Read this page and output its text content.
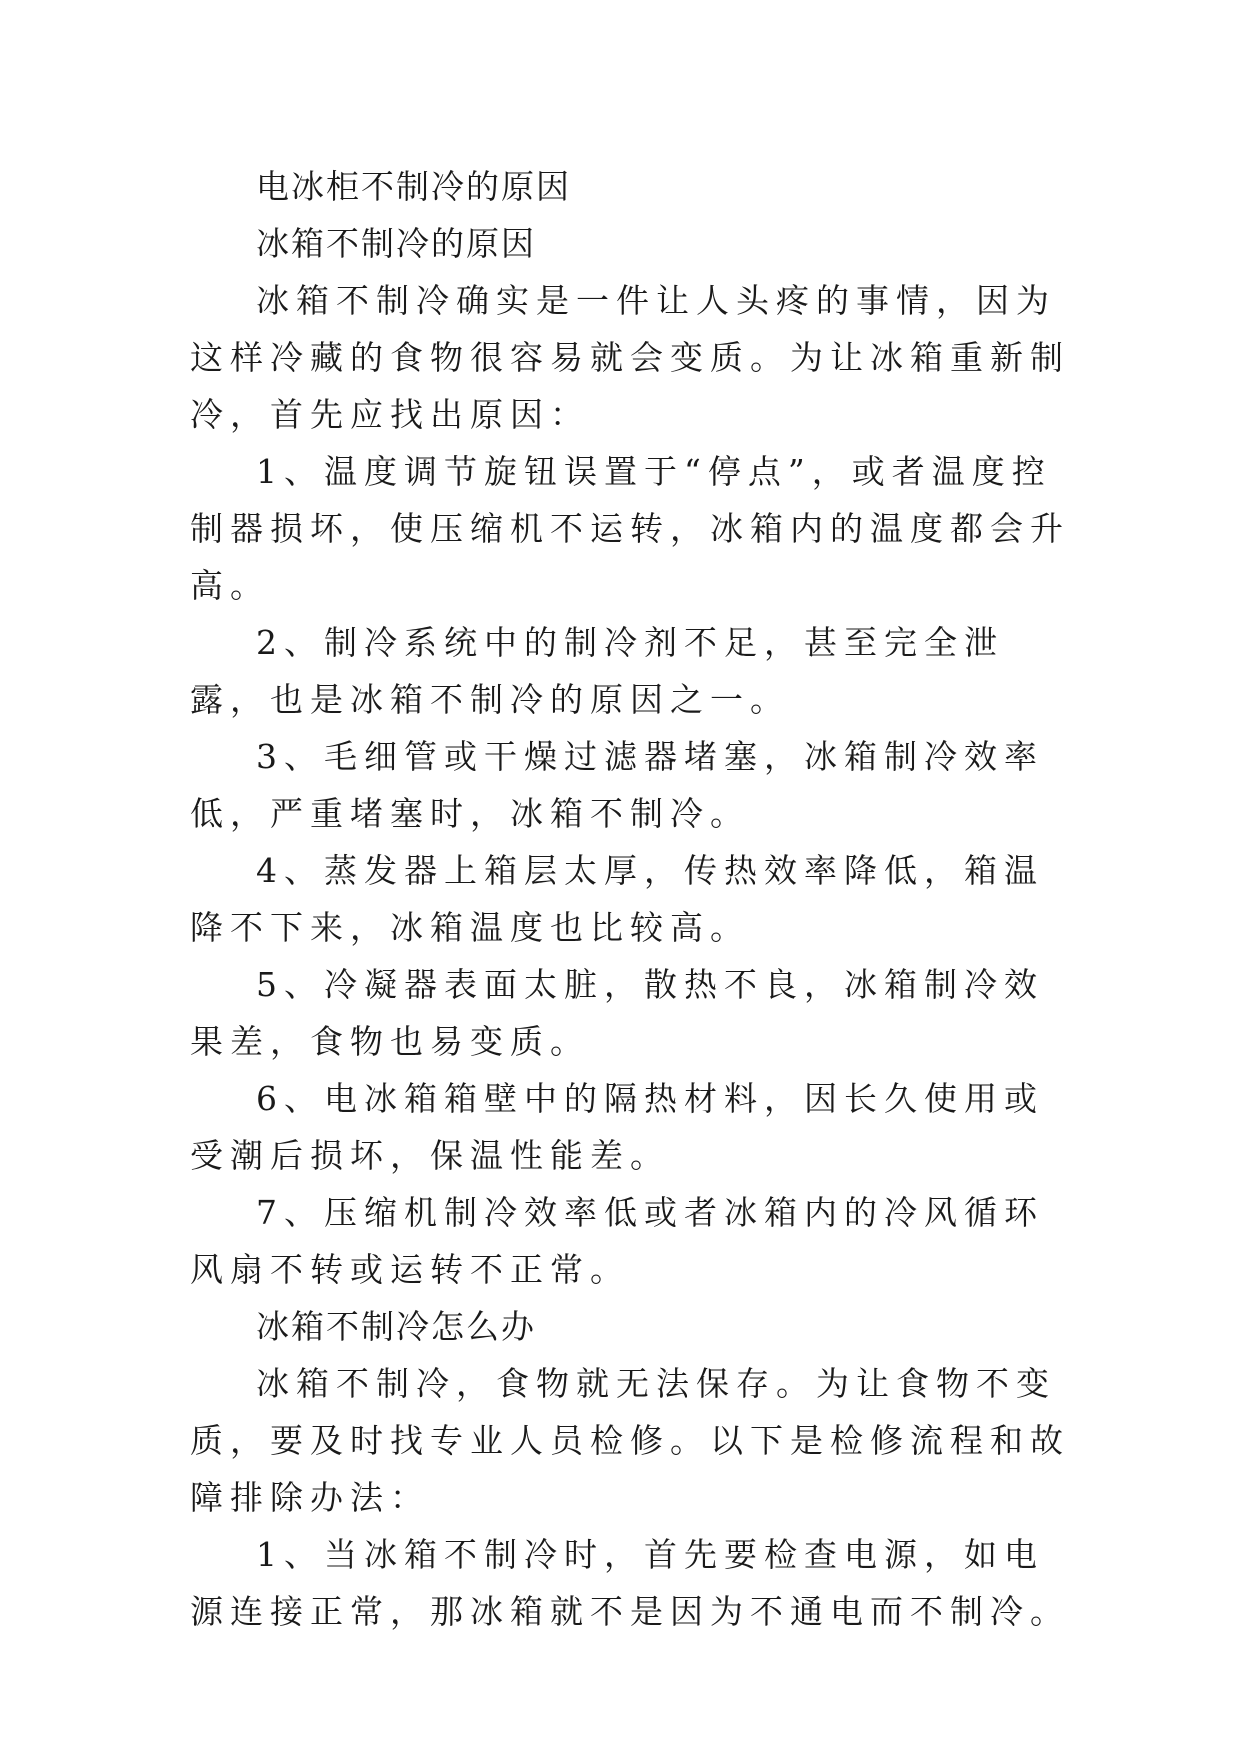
电冰柜不制冷的原因

冰箱不制冷的原因

冰箱不制冷确实是一件让人头疼的事情，因为这样冷藏的食物很容易就会变质。为让冰箱重新制冷，首先应找出原因：

1、温度调节旋钮误置于“停点”，或者温度控制器损坏，使压缩机不运转，冰箱内的温度都会升高。

2、制冷系统中的制冷剂不足，甚至完全泄露，也是冰箱不制冷的原因之一。

3、毛细管或干燥过滤器堵塞，冰箱制冷效率低，严重堵塞时，冰箱不制冷。

4、蒸发器上箱层太厚，传热效率降低，箱温降不下来，冰箱温度也比较高。

5、冷凝器表面太脏，散热不良，冰箱制冷效果差，食物也易变质。

6、电冰箱箱壁中的隔热材料，因长久使用或受潮后损坏，保温性能差。

7、压缩机制冷效率低或者冰箱内的冷风循环风扇不转或运转不正常。

冰箱不制冷怎么办

冰箱不制冷，食物就无法保存。为让食物不变质，要及时找专业人员检修。以下是检修流程和故障排除办法：

1、当冰箱不制冷时，首先要检查电源，如电源连接正常，那冰箱就不是因为不通电而不制冷。
